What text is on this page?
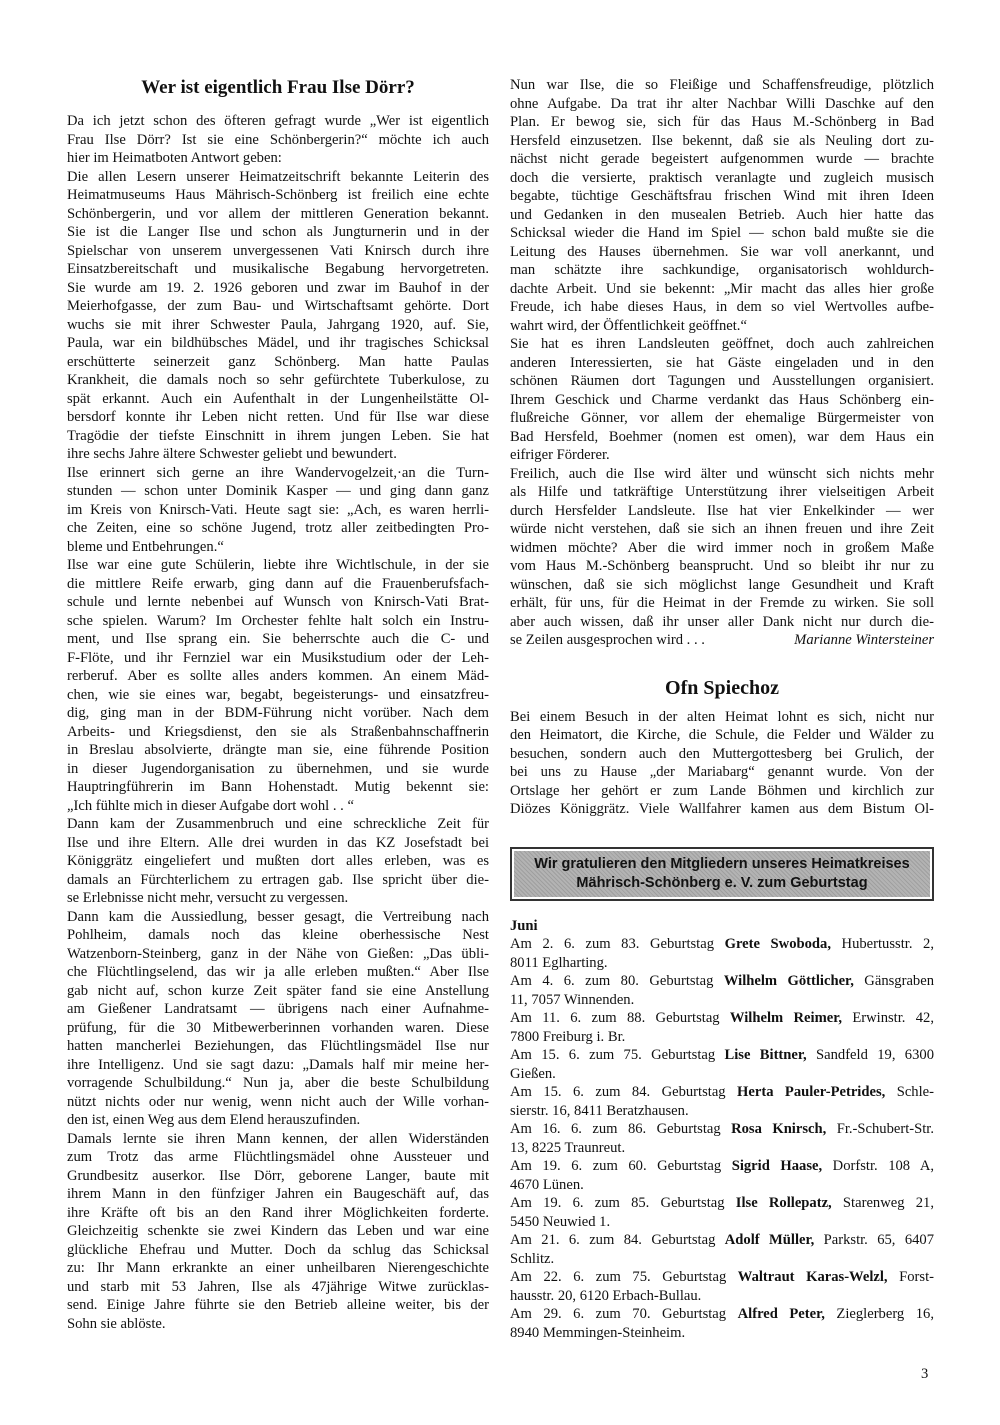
Wer ist eigentlich Frau Ilse Dörr?
Da ich jetzt schon des öfteren gefragt wurde „Wer ist eigentlich
Frau Ilse Dörr? Ist sie eine Schönbergerin?“ möchte ich auch
hier im Heimatboten Antwort geben:
Die allen Lesern unserer Heimatzeitschrift bekannte Leiterin des
Heimatmuseums Haus Mährisch-Schönberg ist freilich eine echte
Schönbergerin, und vor allem der mittleren Generation bekannt.
Sie ist die Langer Ilse und schon als Jungturnerin und in der
Spielschar von unserem unvergessenen Vati Knirsch durch ihre
Einsatzbereitschaft und musikalische Begabung hervorgetreten.
Sie wurde am 19. 2. 1926 geboren und zwar im Bauhof in der
Meierhofgasse, der zum Bau- und Wirtschaftsamt gehörte. Dort
wuchs sie mit ihrer Schwester Paula, Jahrgang 1920, auf. Sie,
Paula, war ein bildhübsches Mädel, und ihr tragisches Schicksal
erschütterte seinerzeit ganz Schönberg. Man hatte Paulas
Krankheit, die damals noch so sehr gefürchtete Tuberkulose, zu
spät erkannt. Auch ein Aufenthalt in der Lungenheilstätte Ol-
bersdorf konnte ihr Leben nicht retten. Und für Ilse war diese
Tragödie der tiefste Einschnitt in ihrem jungen Leben. Sie hat
ihre sechs Jahre ältere Schwester geliebt und bewundert.
Ilse erinnert sich gerne an ihre Wandervogelzeit,·an die Turn-
stunden — schon unter Dominik Kasper — und ging dann ganz
im Kreis von Knirsch-Vati. Heute sagt sie: „Ach, es waren herrli-
che Zeiten, eine so schöne Jugend, trotz aller zeitbedingten Pro-
bleme und Entbehrungen.“
Ilse war eine gute Schülerin, liebte ihre Wichtlschule, in der sie
die mittlere Reife erwarb, ging dann auf die Frauenberufsfach-
schule und lernte nebenbei auf Wunsch von Knirsch-Vati Brat-
sche spielen. Warum? Im Orchester fehlte halt solch ein Instru-
ment, und Ilse sprang ein. Sie beherrschte auch die C- und
F-Flöte, und ihr Fernziel war ein Musikstudium oder der Leh-
rerberuf. Aber es sollte alles anders kommen. An einem Mäd-
chen, wie sie eines war, begabt, begeisterungs- und einsatzfreu-
dig, ging man in der BDM-Führung nicht vorüber. Nach dem
Arbeits- und Kriegsdienst, den sie als Straßenbahnschaffnerin
in Breslau absolvierte, drängte man sie, eine führende Position
in dieser Jugendorganisation zu übernehmen, und sie wurde
Hauptringführerin im Bann Hohenstadt. Mutig bekennt sie:
„Ich fühlte mich in dieser Aufgabe dort wohl . . “
Dann kam der Zusammenbruch und eine schreckliche Zeit für
Ilse und ihre Eltern. Alle drei wurden in das KZ Josefstadt bei
Königgrätz eingeliefert und mußten dort alles erleben, was es
damals an Fürchterlichem zu ertragen gab. Ilse spricht über die-
se Erlebnisse nicht mehr, versucht zu vergessen.
Dann kam die Aussiedlung, besser gesagt, die Vertreibung nach
Pohlheim, damals noch das kleine oberhessische Nest
Watzenborn-Steinberg, ganz in der Nähe von Gießen: „Das übli-
che Flüchtlingselend, das wir ja alle erleben mußten.“ Aber Ilse
gab nicht auf, schon kurze Zeit später fand sie eine Anstellung
am Gießener Landratsamt — übrigens nach einer Aufnahme-
prüfung, für die 30 Mitbewerberinnen vorhanden waren. Diese
hatten mancherlei Beziehungen, das Flüchtlingsmädel Ilse nur
ihre Intelligenz. Und sie sagt dazu: „Damals half mir meine her-
vorragende Schulbildung.“ Nun ja, aber die beste Schulbildung
nützt nichts oder nur wenig, wenn nicht auch der Wille vorhan-
den ist, einen Weg aus dem Elend herauszufinden.
Damals lernte sie ihren Mann kennen, der allen Widerständen
zum Trotz das arme Flüchtlingsmädel ohne Aussteuer und
Grundbesitz auserkor. Ilse Dörr, geborene Langer, baute mit
ihrem Mann in den fünfziger Jahren ein Baugeschäft auf, das
ihre Kräfte oft bis an den Rand ihrer Möglichkeiten forderte.
Gleichzeitig schenkte sie zwei Kindern das Leben und war eine
glückliche Ehefrau und Mutter. Doch da schlug das Schicksal
zu: Ihr Mann erkrankte an einer unheilbaren Nierengeschichte
und starb mit 53 Jahren, Ilse als 47jährige Witwe zurücklas-
send. Einige Jahre führte sie den Betrieb alleine weiter, bis der
Sohn sie ablöste.
Nun war Ilse, die so Fleißige und Schaffensfreudige, plötzlich
ohne Aufgabe. Da trat ihr alter Nachbar Willi Daschke auf den
Plan. Er bewog sie, sich für das Haus M.-Schönberg in Bad
Hersfeld einzusetzen. Ilse bekennt, daß sie als Neuling dort zu-
nächst nicht gerade begeistert aufgenommen wurde — brachte
doch die versierte, praktisch veranlagte und zugleich musisch
begabte, tüchtige Geschäftsfrau frischen Wind mit ihren Ideen
und Gedanken in den musealen Betrieb. Auch hier hatte das
Schicksal wieder die Hand im Spiel — schon bald mußte sie die
Leitung des Hauses übernehmen. Sie war voll anerkannt, und
man schätzte ihre sachkundige, organisatorisch wohldurch-
dachte Arbeit. Und sie bekennt: „Mir macht das alles hier große
Freude, ich habe dieses Haus, in dem so viel Wertvolles aufbe-
wahrt wird, der Öffentlichkeit geöffnet.“
Sie hat es ihren Landsleuten geöffnet, doch auch zahlreichen
anderen Interessierten, sie hat Gäste eingeladen und in den
schönen Räumen dort Tagungen und Ausstellungen organisiert.
Ihrem Geschick und Charme verdankt das Haus Schönberg ein-
flußreiche Gönner, vor allem der ehemalige Bürgermeister von
Bad Hersfeld, Boehmer (nomen est omen), war dem Haus ein
eifriger Förderer.
Freilich, auch die Ilse wird älter und wünscht sich nichts mehr
als Hilfe und tatkräftige Unterstützung ihrer vielseitigen Arbeit
durch Hersfelder Landsleute. Ilse hat vier Enkelkinder — wer
würde nicht verstehen, daß sie sich an ihnen freuen und ihre Zeit
widmen möchte? Aber die wird immer noch in großem Maße
vom Haus M.-Schönberg beansprucht. Und so bleibt ihr nur zu
wünschen, daß sie sich möglichst lange Gesundheit und Kraft
erhält, für uns, für die Heimat in der Fremde zu wirken. Sie soll
aber auch wissen, daß ihr unser aller Dank nicht nur durch die-
se Zeilen ausgesprochen wird . . .	Marianne Wintersteiner
Ofn Spiechoz
Bei einem Besuch in der alten Heimat lohnt es sich, nicht nur
den Heimatort, die Kirche, die Schule, die Felder und Wälder zu
besuchen, sondern auch den Muttergottesberg bei Grulich, der
bei uns zu Hause „der Mariabarg“ genannt wurde. Von der
Ortslage her gehört er zum Lande Böhmen und kirchlich zur
Diözes Königgrätz. Viele Wallfahrer kamen aus dem Bistum Ol-
Wir gratulieren den Mitgliedern unseres Heimatkreises
Mährisch-Schönberg e. V. zum Geburtstag
Juni
Am 2. 6. zum 83. Geburtstag Grete Swoboda, Hubertusstr. 2,
8011 Eglharting.
Am 4. 6. zum 80. Geburtstag Wilhelm Göttlicher, Gänsgraben
11, 7057 Winnenden.
Am 11. 6. zum 88. Geburtstag Wilhelm Reimer, Erwinstr. 42,
7800 Freiburg i. Br.
Am 15. 6. zum 75. Geburtstag Lise Bittner, Sandfeld 19, 6300
Gießen.
Am 15. 6. zum 84. Geburtstag Herta Pauler-Petrides, Schle-
sierstr. 16, 8411 Beratzhausen.
Am 16. 6. zum 86. Geburtstag Rosa Knirsch, Fr.-Schubert-Str.
13, 8225 Traunreut.
Am 19. 6. zum 60. Geburtstag Sigrid Haase, Dorfstr. 108 A,
4670 Lünen.
Am 19. 6. zum 85. Geburtstag Ilse Rollepatz, Starenweg 21,
5450 Neuwied 1.
Am 21. 6. zum 84. Geburtstag Adolf Müller, Parkstr. 65, 6407
Schlitz.
Am 22. 6. zum 75. Geburtstag Waltraut Karas-Welzl, Forst-
hausstr. 20, 6120 Erbach-Bullau.
Am 29. 6. zum 70. Geburtstag Alfred Peter, Zieglerberg 16,
8940 Memmingen-Steinheim.
3
